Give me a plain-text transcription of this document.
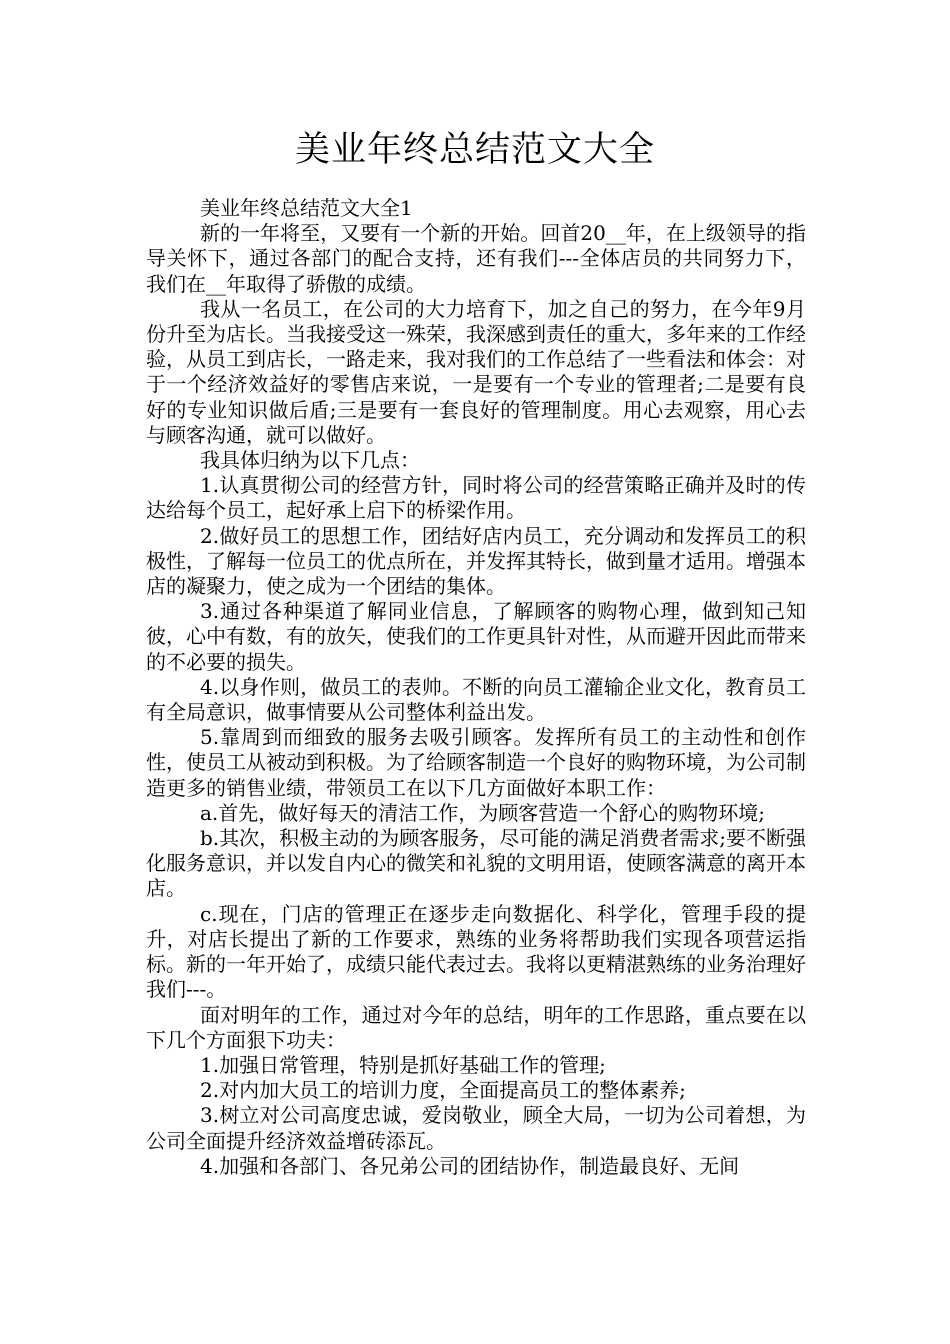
美业年终总结范文大全

美业年终总结范文大全1

新的一年将至，又要有一个新的开始。回首20__年，在上级领导的指导关怀下，通过各部门的配合支持，还有我们---全体店员的共同努力下，我们在__年取得了骄傲的成绩。

我从一名员工，在公司的大力培育下，加之自己的努力，在今年9月份升至为店长。当我接受这一殊荣，我深感到责任的重大，多年来的工作经验，从员工到店长，一路走来，我对我们的工作总结了一些看法和体会：对于一个经济效益好的零售店来说，一是要有一个专业的管理者;二是要有良好的专业知识做后盾;三是要有一套良好的管理制度。用心去观察，用心去与顾客沟通，就可以做好。

我具体归纳为以下几点：

1.认真贯彻公司的经营方针，同时将公司的经营策略正确并及时的传达给每个员工，起好承上启下的桥梁作用。

2.做好员工的思想工作，团结好店内员工，充分调动和发挥员工的积极性，了解每一位员工的优点所在，并发挥其特长，做到量才适用。增强本店的凝聚力，使之成为一个团结的集体。

3.通过各种渠道了解同业信息，了解顾客的购物心理，做到知己知彼，心中有数，有的放矢，使我们的工作更具针对性，从而避开因此而带来的不必要的损失。

4.以身作则，做员工的表帅。不断的向员工灌输企业文化，教育员工有全局意识，做事情要从公司整体利益出发。

5.靠周到而细致的服务去吸引顾客。发挥所有员工的主动性和创作性，使员工从被动到积极。为了给顾客制造一个良好的购物环境，为公司制造更多的销售业绩，带领员工在以下几方面做好本职工作：

a.首先，做好每天的清洁工作，为顾客营造一个舒心的购物环境;

b.其次，积极主动的为顾客服务，尽可能的满足消费者需求;要不断强化服务意识，并以发自内心的微笑和礼貌的文明用语，使顾客满意的离开本店。

c.现在，门店的管理正在逐步走向数据化、科学化，管理手段的提升，对店长提出了新的工作要求，熟练的业务将帮助我们实现各项营运指标。新的一年开始了，成绩只能代表过去。我将以更精湛熟练的业务治理好我们---。

面对明年的工作，通过对今年的总结，明年的工作思路，重点要在以下几个方面狠下功夫：

1.加强日常管理，特别是抓好基础工作的管理;

2.对内加大员工的培训力度，全面提高员工的整体素养;

3.树立对公司高度忠诚，爱岗敬业，顾全大局，一切为公司着想，为公司全面提升经济效益增砖添瓦。

4.加强和各部门、各兄弟公司的团结协作，制造最良好、无间
